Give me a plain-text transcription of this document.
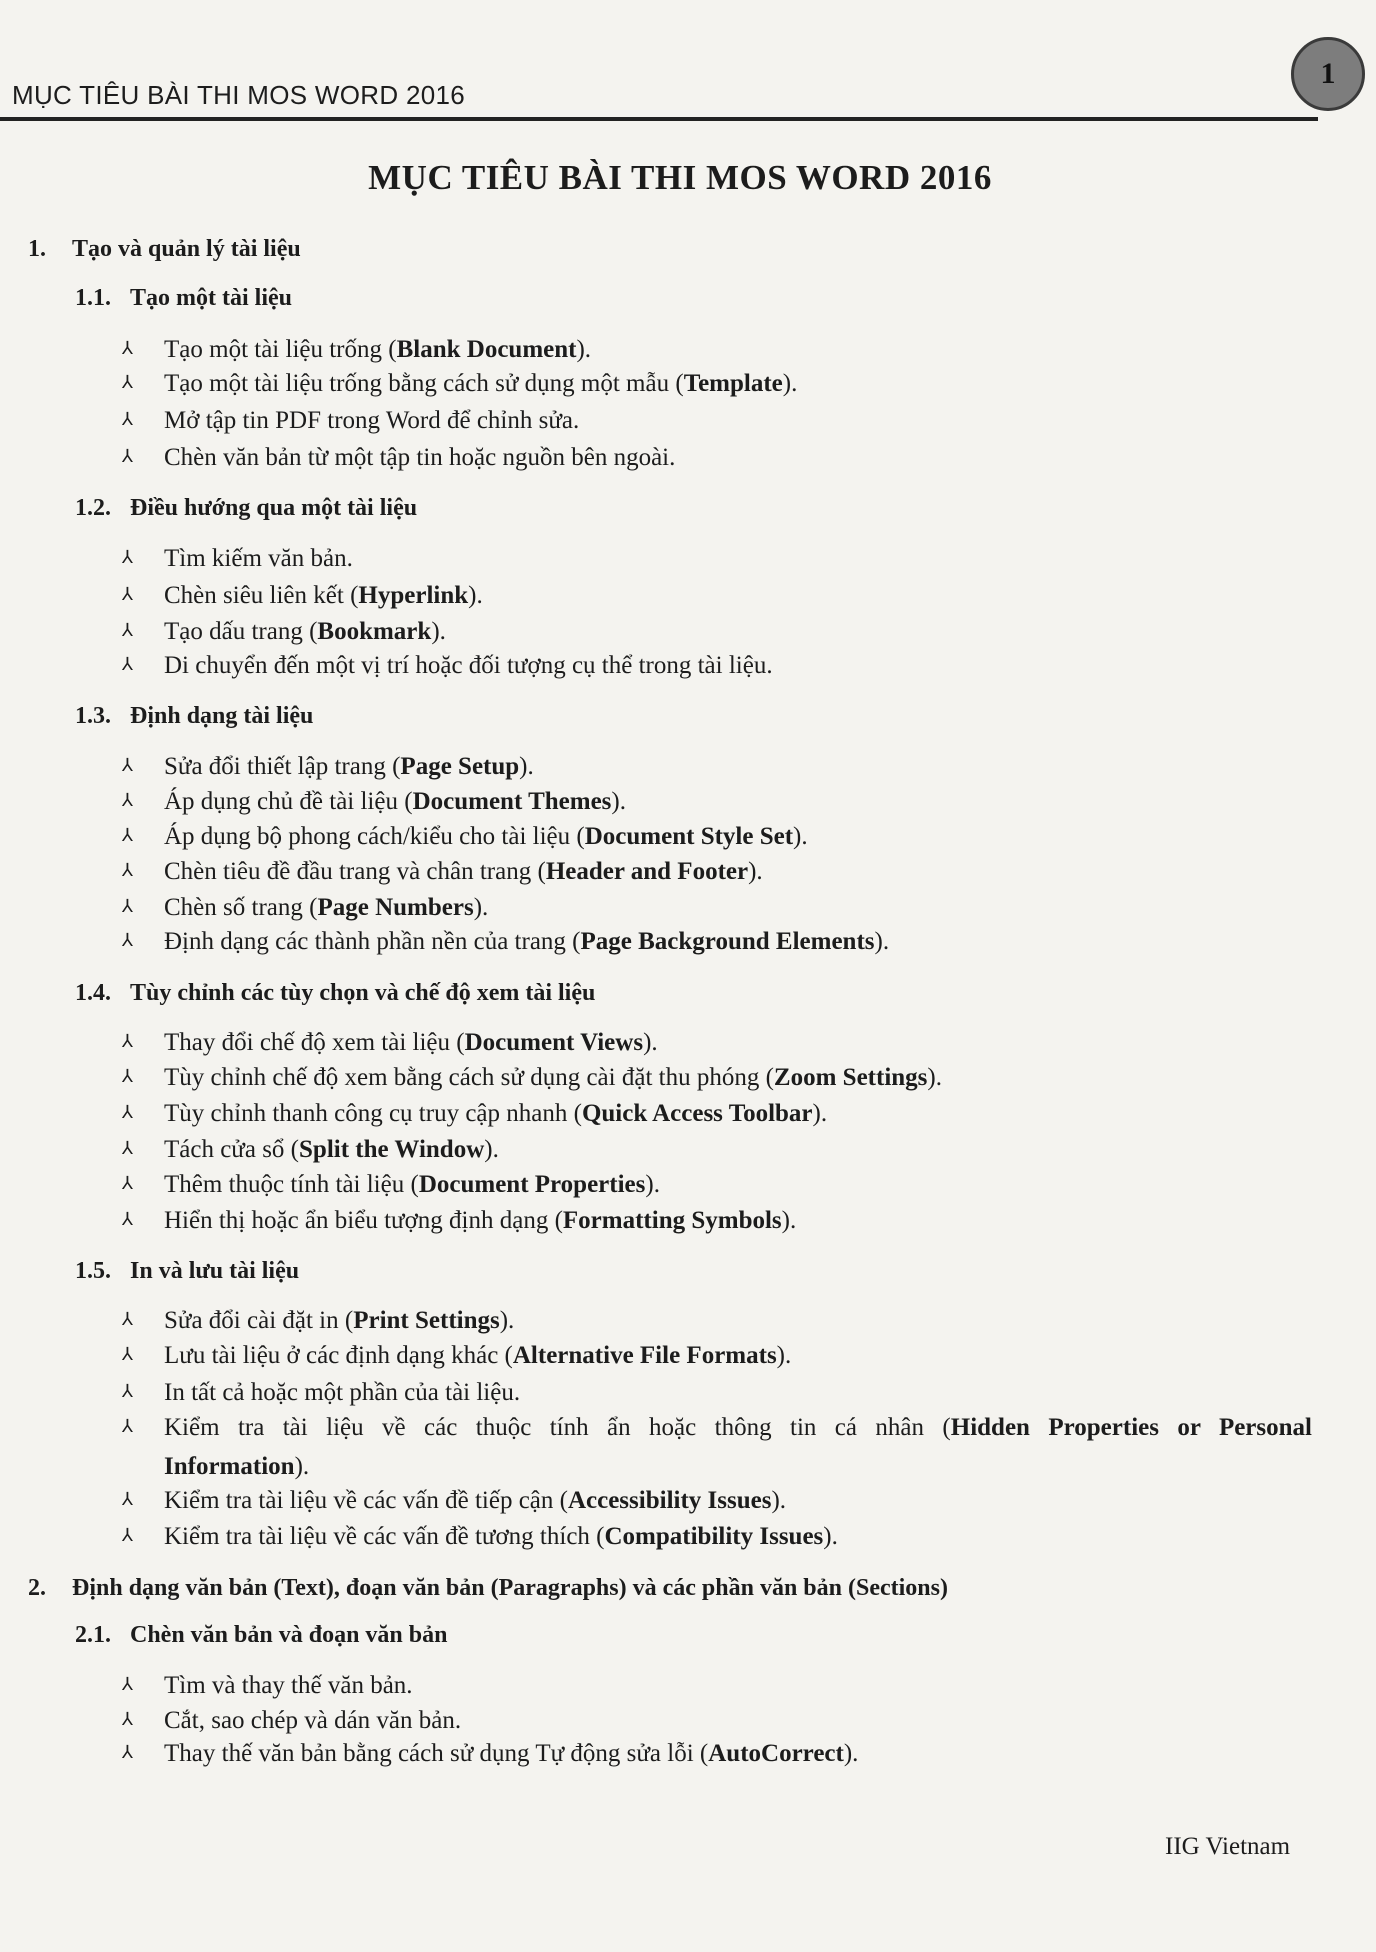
MỤC TIÊU BÀI THI MOS WORD 2016
1
MỤC TIÊU BÀI THI MOS WORD 2016
1. Tạo và quản lý tài liệu
1.1. Tạo một tài liệu
⅄	Tạo một tài liệu trống (Blank Document).
⅄	Tạo một tài liệu trống bằng cách sử dụng một mẫu (Template).
⅄	Mở tập tin PDF trong Word để chỉnh sửa.
⅄	Chèn văn bản từ một tập tin hoặc nguồn bên ngoài.
1.2. Điều hướng qua một tài liệu
⅄	Tìm kiếm văn bản.
⅄	Chèn siêu liên kết (Hyperlink).
⅄	Tạo dấu trang (Bookmark).
⅄	Di chuyển đến một vị trí hoặc đối tượng cụ thể trong tài liệu.
1.3. Định dạng tài liệu
⅄	Sửa đổi thiết lập trang (Page Setup).
⅄	Áp dụng chủ đề tài liệu (Document Themes).
⅄	Áp dụng bộ phong cách/kiểu cho tài liệu (Document Style Set).
⅄	Chèn tiêu đề đầu trang và chân trang (Header and Footer).
⅄	Chèn số trang (Page Numbers).
⅄	Định dạng các thành phần nền của trang (Page Background Elements).
1.4. Tùy chỉnh các tùy chọn và chế độ xem tài liệu
⅄	Thay đổi chế độ xem tài liệu (Document Views).
⅄	Tùy chỉnh chế độ xem bằng cách sử dụng cài đặt thu phóng (Zoom Settings).
⅄	Tùy chỉnh thanh công cụ truy cập nhanh (Quick Access Toolbar).
⅄	Tách cửa sổ (Split the Window).
⅄	Thêm thuộc tính tài liệu (Document Properties).
⅄	Hiển thị hoặc ẩn biểu tượng định dạng (Formatting Symbols).
1.5. In và lưu tài liệu
⅄	Sửa đổi cài đặt in (Print Settings).
⅄	Lưu tài liệu ở các định dạng khác (Alternative File Formats).
⅄	In tất cả hoặc một phần của tài liệu.
⅄	Kiểm tra tài liệu về các thuộc tính ẩn hoặc thông tin cá nhân (Hidden Properties or Personal
Information).
⅄	Kiểm tra tài liệu về các vấn đề tiếp cận (Accessibility Issues).
⅄	Kiểm tra tài liệu về các vấn đề tương thích (Compatibility Issues).
2. Định dạng văn bản (Text), đoạn văn bản (Paragraphs) và các phần văn bản (Sections)
2.1. Chèn văn bản và đoạn văn bản
⅄	Tìm và thay thế văn bản.
⅄	Cắt, sao chép và dán văn bản.
⅄	Thay thế văn bản bằng cách sử dụng Tự động sửa lỗi (AutoCorrect).
IIG Vietnam
